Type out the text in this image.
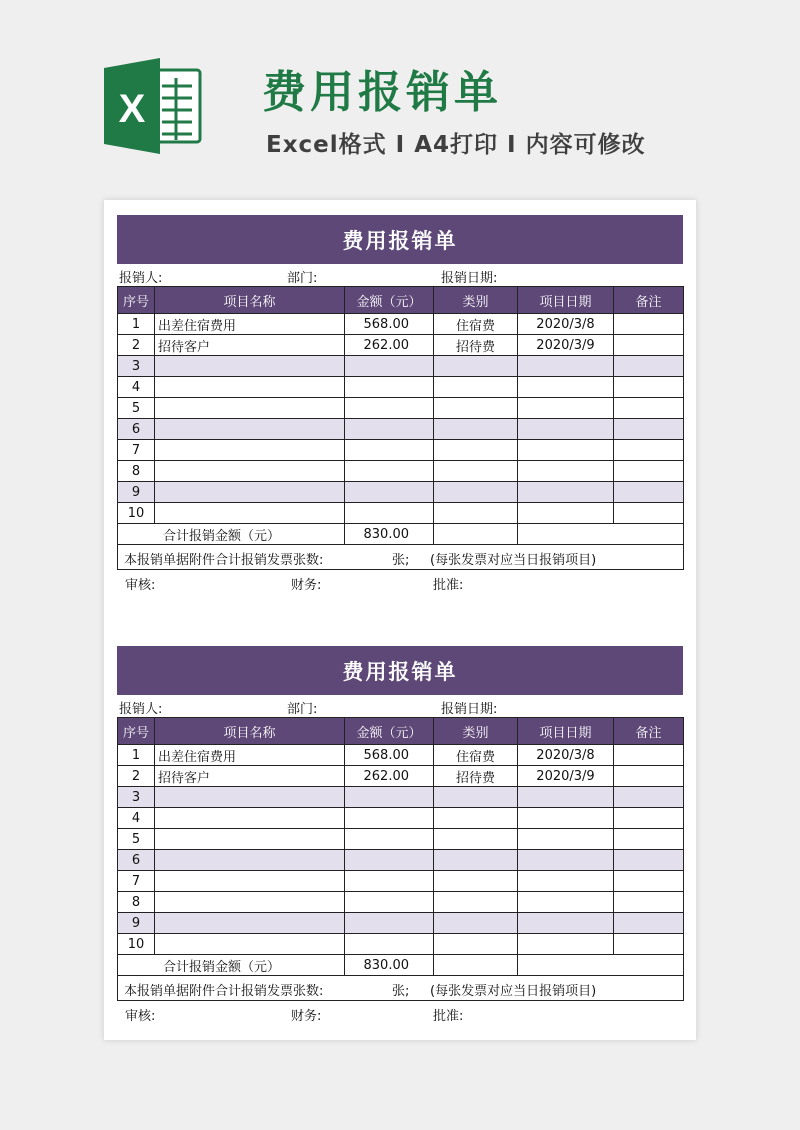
X	费用报销单
Excel格式 I A4打印 I 内容可修改
费用报销单
报销人:	部门:	报销日期:
序号	项目名称	金额（元）	类别	项目日期	备注
1	出差住宿费用	568.00	住宿费	2020/3/8	
2	招待客户	262.00	招待费	2020/3/9	
3					
4					
5					
6					
7					
8					
9					
10					
	合计报销金额（元）	830.00			

本报销单据附件合计报销发票张数: 张; (每张发票对应当日报销项目)					
审核:	财务:	批准:
费用报销单
报销人:	部门:	报销日期:
序号	项目名称	金额（元）	类别	项目日期	备注
1	出差住宿费用	568.00	住宿费	2020/3/8	
2	招待客户	262.00	招待费	2020/3/9	
3					
4					
5					
6					
7					
8					
9					
10					
	合计报销金额（元）	830.00			

本报销单据附件合计报销发票张数: 张; (每张发票对应当日报销项目)					
审核:	财务:	批准:
